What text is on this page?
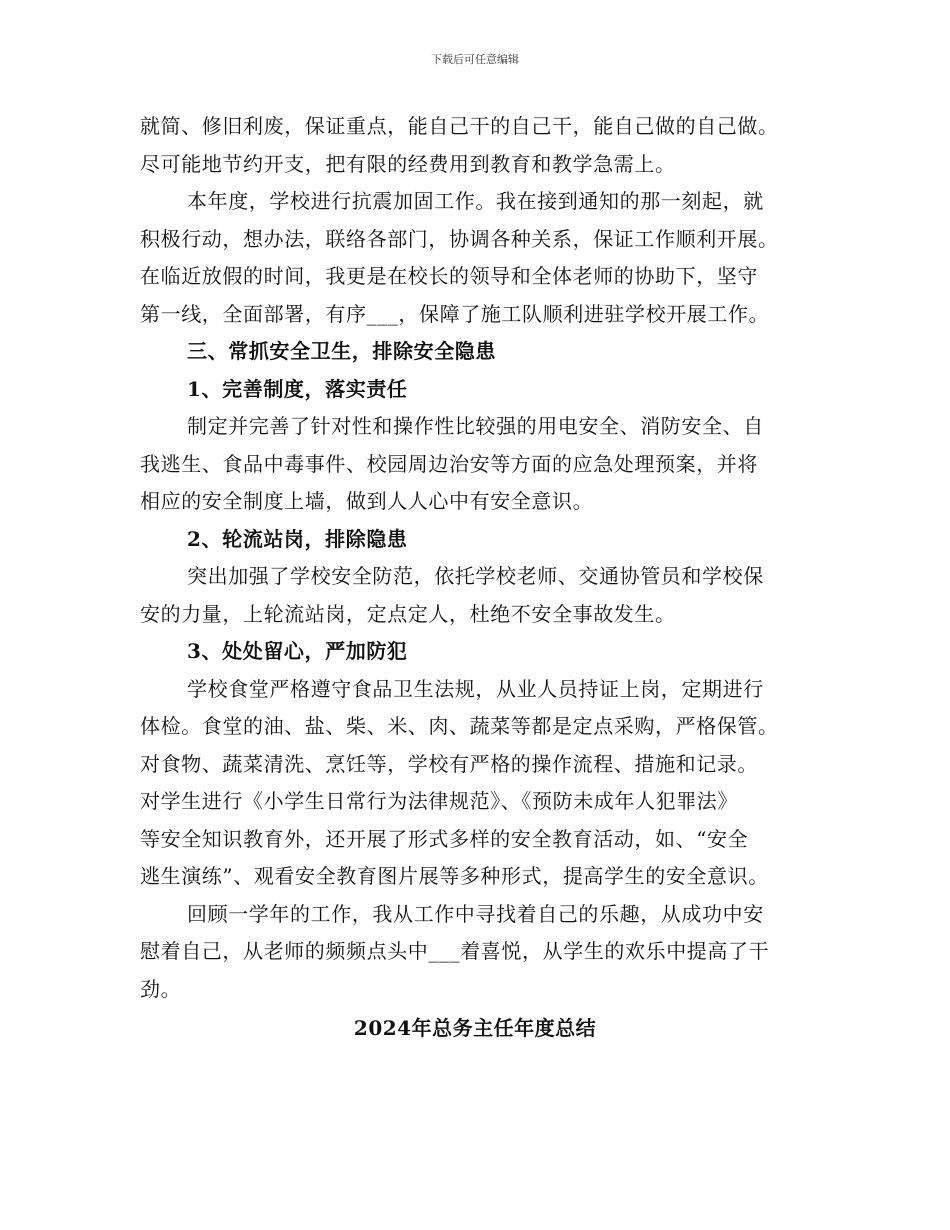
下载后可任意编辑
就简、修旧利废，保证重点，能自己干的自己干，能自己做的自己做。
尽可能地节约开支，把有限的经费用到教育和教学急需上。
本年度，学校进行抗震加固工作。我在接到通知的那一刻起，就
积极行动，想办法，联络各部门，协调各种关系，保证工作顺利开展。
在临近放假的时间，我更是在校长的领导和全体老师的协助下，坚守
第一线，全面部署，有序___，保障了施工队顺利进驻学校开展工作。
三、常抓安全卫生，排除安全隐患
1、完善制度，落实责任
制定并完善了针对性和操作性比较强的用电安全、消防安全、自
我逃生、食品中毒事件、校园周边治安等方面的应急处理预案，并将
相应的安全制度上墙，做到人人心中有安全意识。
2、轮流站岗，排除隐患
突出加强了学校安全防范，依托学校老师、交通协管员和学校保
安的力量，上轮流站岗，定点定人，杜绝不安全事故发生。
3、处处留心，严加防犯
学校食堂严格遵守食品卫生法规，从业人员持证上岗，定期进行
体检。食堂的油、盐、柴、米、肉、蔬菜等都是定点采购，严格保管。
对食物、蔬菜清洗、烹饪等，学校有严格的操作流程、措施和记录。
对学生进行《小学生日常行为法律规范》、《预防未成年人犯罪法》
等安全知识教育外，还开展了形式多样的安全教育活动，如、“安全
逃生演练”、观看安全教育图片展等多种形式，提高学生的安全意识。
回顾一学年的工作，我从工作中寻找着自己的乐趣，从成功中安
慰着自己，从老师的频频点头中___着喜悦，从学生的欢乐中提高了干
劲。
2024年总务主任年度总结
